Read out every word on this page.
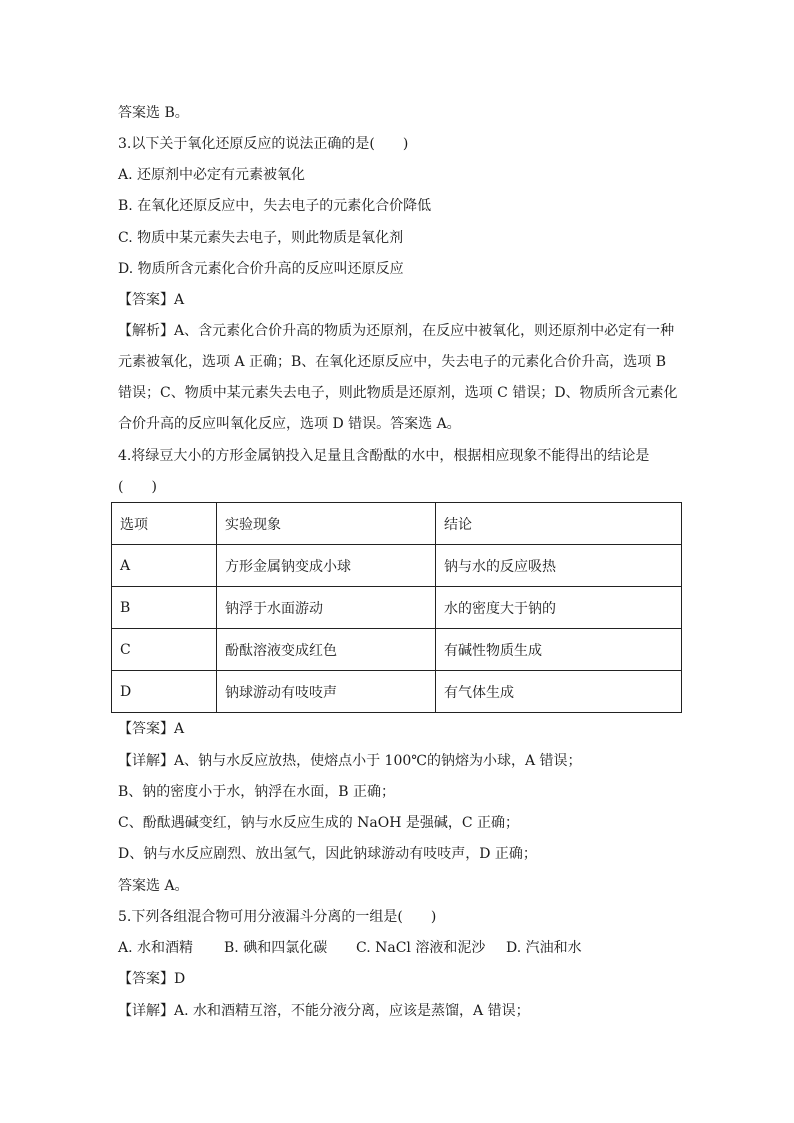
答案选 B。
3.以下关于氧化还原反应的说法正确的是(　　)
A. 还原剂中必定有元素被氧化
B. 在氧化还原反应中，失去电子的元素化合价降低
C. 物质中某元素失去电子，则此物质是氧化剂
D. 物质所含元素化合价升高的反应叫还原反应
【答案】A
【解析】A、含元素化合价升高的物质为还原剂，在反应中被氧化，则还原剂中必定有一种
元素被氧化，选项 A 正确；B、在氧化还原反应中，失去电子的元素化合价升高，选项 B
错误；C、物质中某元素失去电子，则此物质是还原剂，选项 C 错误；D、物质所含元素化
合价升高的反应叫氧化反应，选项 D 错误。答案选 A。
4.将绿豆大小的方形金属钠投入足量且含酚酞的水中，根据相应现象不能得出的结论是
(　　)
选项	实验现象	结论
A	方形金属钠变成小球	钠与水的反应吸热
B	钠浮于水面游动	水的密度大于钠的
C	酚酞溶液变成红色	有碱性物质生成
D	钠球游动有吱吱声	有气体生成
【答案】A
【详解】A、钠与水反应放热，使熔点小于 100℃的钠熔为小球，A 错误；
B、钠的密度小于水，钠浮在水面，B 正确；
C、酚酞遇碱变红，钠与水反应生成的 NaOH 是强碱，C 正确；
D、钠与水反应剧烈、放出氢气，因此钠球游动有吱吱声，D 正确；
答案选 A。
5.下列各组混合物可用分液漏斗分离的一组是(　　)
A. 水和酒精 B. 碘和四氯化碳 C. NaCl 溶液和泥沙 D. 汽油和水
【答案】D
【详解】A. 水和酒精互溶，不能分液分离，应该是蒸馏，A 错误；
